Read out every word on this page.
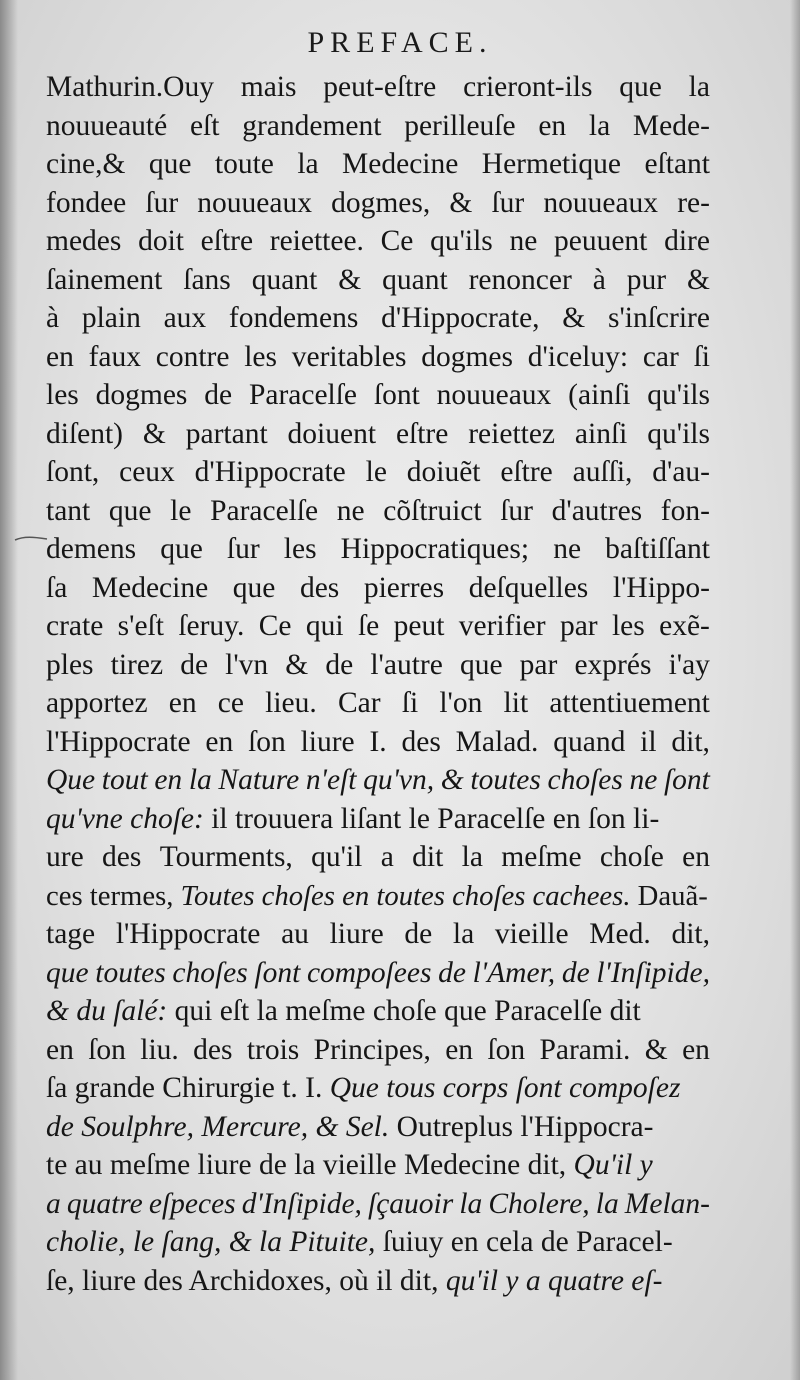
PREFACE.
Mathurin.Ouy mais peut-eſtre crieront-ils que la
nouueauté eſt grandement perilleuſe en la Mede-
cine,& que toute la Medecine Hermetique eſtant
fondee ſur nouueaux dogmes, & ſur nouueaux re-
medes doit eſtre reiettee. Ce qu'ils ne peuuent dire
ſainement ſans quant & quant renoncer à pur &
à plain aux fondemens d'Hippocrate, & s'inſcrire
en faux contre les veritables dogmes d'iceluy: car ſi
les dogmes de Paracelſe ſont nouueaux (ainſi qu'ils
diſent) & partant doiuent eſtre reiettez ainſi qu'ils
ſont, ceux d'Hippocrate le doiuẽt eſtre auſſi, d'au-
tant que le Paracelſe ne cõſtruict ſur d'autres fon-
demens que ſur les Hippocratiques; ne baſtiſſant
ſa Medecine que des pierres deſquelles l'Hippo-
crate s'eſt ſeruy. Ce qui ſe peut verifier par les exẽ-
ples tirez de l'vn & de l'autre que par exprés i'ay
apportez en ce lieu. Car ſi l'on lit attentiuement
l'Hippocrate en ſon liure I. des Malad. quand il dit,
Que tout en la Nature n'eſt qu'vn, & toutes choſes ne ſont
qu'vne choſe: il trouuera liſant le Paracelſe en ſon li-
ure des Tourments, qu'il a dit la meſme choſe en
ces termes, Toutes choſes en toutes choſes cachees. Dauã-
tage l'Hippocrate au liure de la vieille Med. dit,
que toutes choſes ſont compoſees de l'Amer, de l'Inſipide,
& du ſalé: qui eſt la meſme choſe que Paracelſe dit
en ſon liu. des trois Principes, en ſon Parami. & en
ſa grande Chirurgie t. I. Que tous corps ſont compoſez
de Soulphre, Mercure, & Sel. Outreplus l'Hippocra-
te au meſme liure de la vieille Medecine dit, Qu'il y
a quatre eſpeces d'Inſipide, ſçauoir la Cholere, la Melan-
cholie, le ſang, & la Pituite, ſuiuy en cela de Paracel-
ſe, liure des Archidoxes, où il dit, qu'il y a quatre eſ-
